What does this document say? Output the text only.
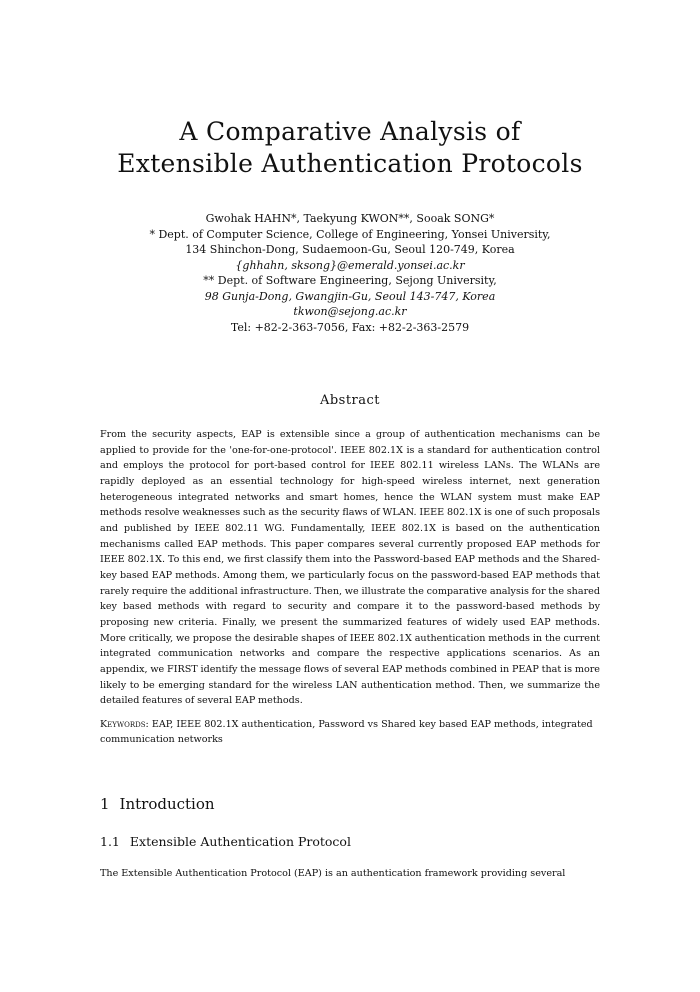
A Comparative Analysis of
Extensible Authentication Protocols
Gwohak HAHN*, Taekyung KWON**, Sooak SONG*
* Dept. of Computer Science, College of Engineering, Yonsei University,
134 Shinchon-Dong, Sudaemoon-Gu, Seoul 120-749, Korea
{ghhahn, sksong}@emerald.yonsei.ac.kr
** Dept. of Software Engineering, Sejong University,
98 Gunja-Dong, Gwangjin-Gu, Seoul 143-747, Korea
tkwon@sejong.ac.kr
Tel: +82-2-363-7056, Fax: +82-2-363-2579
Abstract
From the security aspects, EAP is extensible since a group of authentication mechanisms can be applied to provide for the 'one-for-one-protocol'. IEEE 802.1X is a standard for authentication control and employs the protocol for port-based control for IEEE 802.11 wireless LANs. The WLANs are rapidly deployed as an essential technology for high-speed wireless internet, next generation heterogeneous integrated networks and smart homes, hence the WLAN system must make EAP methods resolve weaknesses such as the security flaws of WLAN. IEEE 802.1X is one of such proposals and published by IEEE 802.11 WG. Fundamentally, IEEE 802.1X is based on the authentication mechanisms called EAP methods. This paper compares several currently proposed EAP methods for IEEE 802.1X. To this end, we first classify them into the Password-based EAP methods and the Shared-key based EAP methods. Among them, we particularly focus on the password-based EAP methods that rarely require the additional infrastructure. Then, we illustrate the comparative analysis for the shared key based methods with regard to security and compare it to the password-based methods by proposing new criteria. Finally, we present the summarized features of widely used EAP methods. More critically, we propose the desirable shapes of IEEE 802.1X authentication methods in the current integrated communication networks and compare the respective applications scenarios. As an appendix, we FIRST identify the message flows of several EAP methods combined in PEAP that is more likely to be emerging standard for the wireless LAN authentication method. Then, we summarize the detailed features of several EAP methods.
Keywords: EAP, IEEE 802.1X authentication, Password vs Shared key based EAP methods, integrated communication networks
1 Introduction
1.1 Extensible Authentication Protocol
The Extensible Authentication Protocol (EAP) is an authentication framework providing several
